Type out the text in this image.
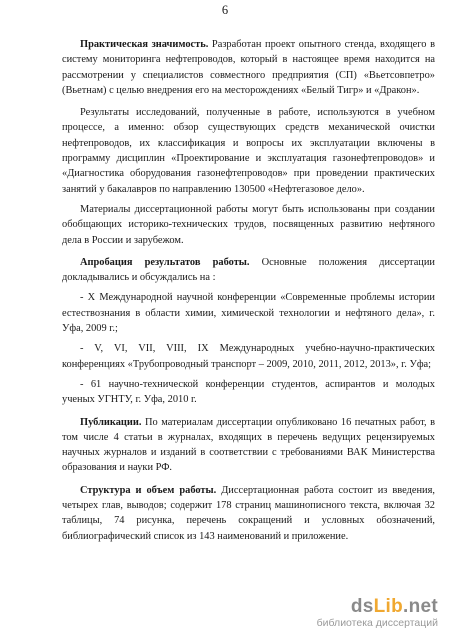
6

Практическая значимость. Разработан проект опытного стенда, входящего в систему мониторинга нефтепроводов, который в настоящее время находится на рассмотрении у специалистов совместного предприятия (СП) «Вьетсовпетро» (Вьетнам) с целью внедрения его на месторождениях «Белый Тигр» и «Дракон».

Результаты исследований, полученные в работе, используются в учебном процессе, а именно: обзор существующих средств механической очистки нефтепроводов, их классификация и вопросы их эксплуатации включены в программу дисциплин «Проектирование и эксплуатация газонефтепроводов» и «Диагностика оборудования газонефтепроводов» при проведении практических занятий у бакалавров по направлению 130500 «Нефтегазовое дело».

Материалы диссертационной работы могут быть использованы при создании обобщающих историко-технических трудов, посвященных развитию нефтяного дела в России и зарубежом.

Апробация результатов работы. Основные положения диссертации докладывались и обсуждались на :

- X Международной научной конференции «Современные проблемы истории естествознания в области химии, химической технологии и нефтяного дела», г. Уфа, 2009 г.;

- V, VI, VII, VIII, IX Международных учебно-научно-практических конференциях «Трубопроводный транспорт – 2009, 2010, 2011, 2012, 2013», г. Уфа;

- 61 научно-технической конференции студентов, аспирантов и молодых ученых УГНТУ, г. Уфа, 2010 г.

Публикации. По материалам диссертации опубликовано 16 печатных работ, в том числе 4 статьи в журналах, входящих в перечень ведущих рецензируемых научных журналов и изданий в соответствии с требованиями ВАК Министерства образования и науки РФ.

Структура и объем работы. Диссертационная работа состоит из введения, четырех глав, выводов; содержит 178 страниц машинописного текста, включая 32 таблицы, 74 рисунка, перечень сокращений и условных обозначений, библиографический список из 143 наименований и приложение.

dsLib.net
библиотека диссертаций
